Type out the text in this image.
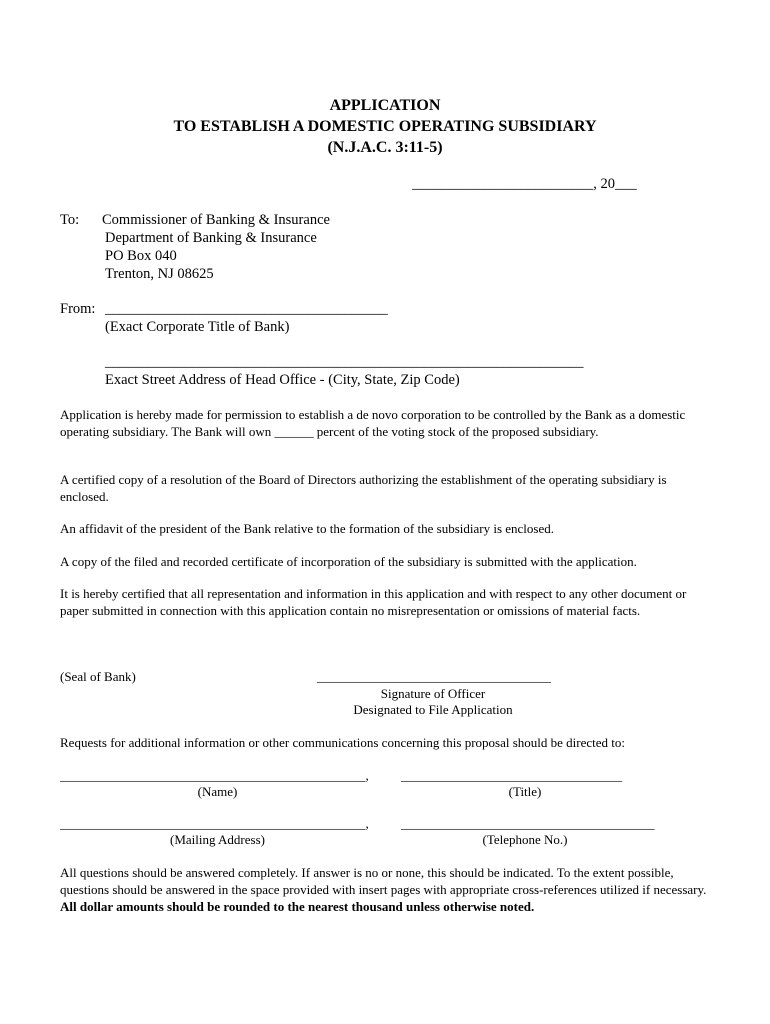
APPLICATION
TO ESTABLISH A DOMESTIC OPERATING SUBSIDIARY
(N.J.A.C. 3:11-5)
_________________________, 20___
To: Commissioner of Banking & Insurance
Department of Banking & Insurance
PO Box 040
Trenton, NJ 08625
From: _______________________________________
(Exact Corporate Title of Bank)
__________________________________________________________________
Exact Street Address of Head Office - (City, State, Zip Code)
Application is hereby made for permission to establish a de novo corporation to be controlled by the Bank as a domestic operating subsidiary. The Bank will own ______ percent of the voting stock of the proposed subsidiary.
A certified copy of a resolution of the Board of Directors authorizing the establishment of the operating subsidiary is enclosed.
An affidavit of the president of the Bank relative to the formation of the subsidiary is enclosed.
A copy of the filed and recorded certificate of incorporation of the subsidiary is submitted with the application.
It is hereby certified that all representation and information in this application and with respect to any other document or paper submitted in connection with this application contain no misrepresentation or omissions of material facts.
(Seal of Bank)	____________________________________
Signature of Officer
Designated to File Application
Requests for additional information or other communications concerning this proposal should be directed to:
_______________________________________________, __________________________________
(Name)	(Title)
_______________________________________________, _______________________________________
(Mailing Address)	(Telephone No.)
All questions should be answered completely. If answer is no or none, this should be indicated. To the extent possible, questions should be answered in the space provided with insert pages with appropriate cross-references utilized if necessary. All dollar amounts should be rounded to the nearest thousand unless otherwise noted.
